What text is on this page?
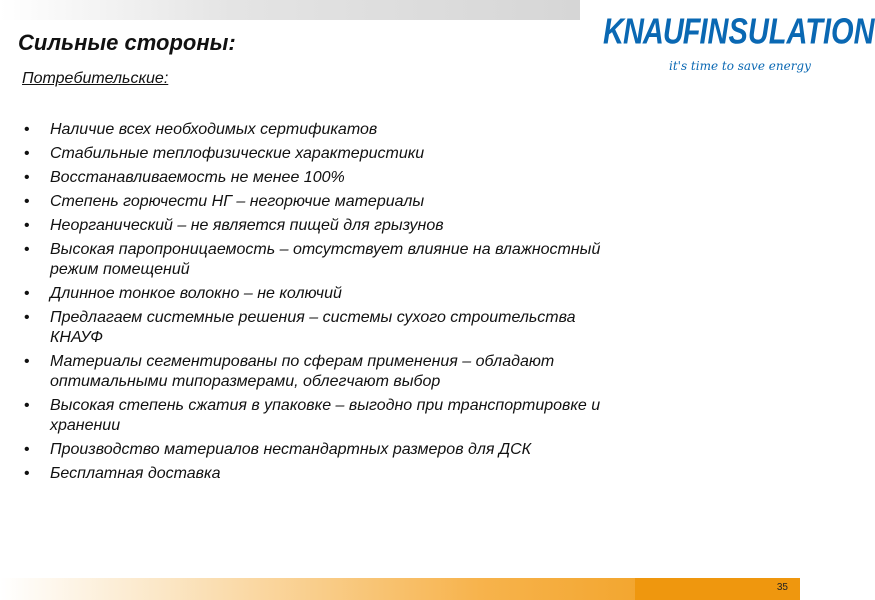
Сильные стороны:	KNAUFINSULATION
it's time to save energy
Потребительские:
• Наличие всех необходимых сертификатов
• Стабильные теплофизические характеристики
• Восстанавливаемость не менее 100%
• Степень горючести НГ – негорючие материалы
• Неорганический – не является пищей для грызунов
• Высокая паропроницаемость – отсутствует влияние на влажностный режим помещений
• Длинное тонкое волокно – не колючий
• Предлагаем системные решения – системы сухого строительства КНАУФ
• Материалы сегментированы по сферам применения – обладают оптимальными типоразмерами, облегчают выбор
• Высокая степень сжатия в упаковке – выгодно при транспортировке и хранении
• Производство материалов нестандартных размеров для ДСК
• Бесплатная доставка
35
